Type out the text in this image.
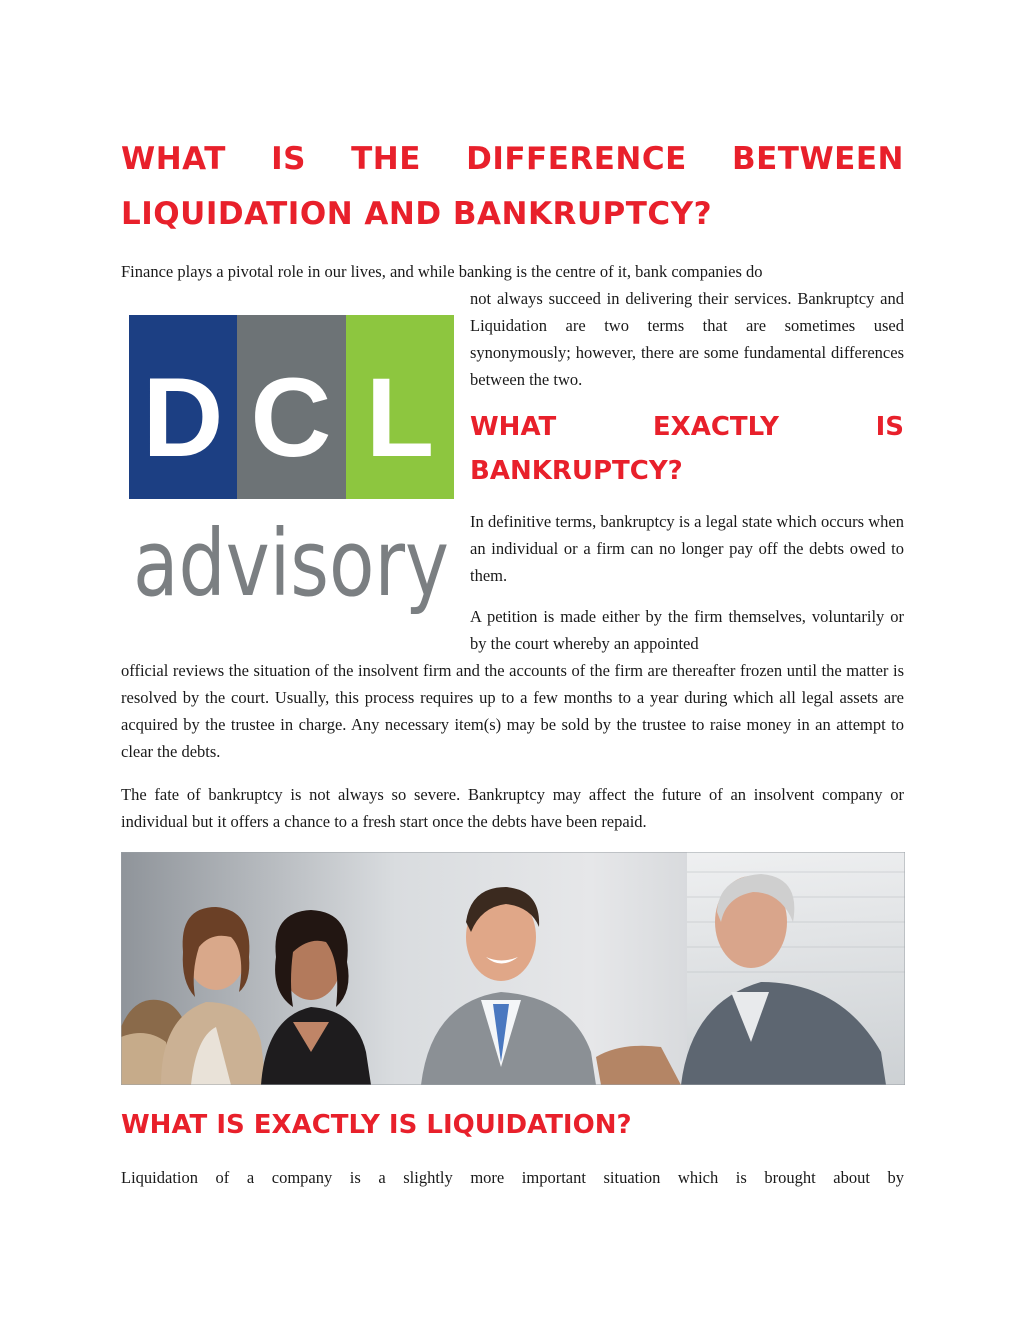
WHAT IS THE DIFFERENCE BETWEEN
LIQUIDATION AND BANKRUPTCY?

Finance plays a pivotal role in our lives, and while banking is the centre of it, bank companies do

D C L
advisory

not always succeed in delivering their services. Bankruptcy and Liquidation are two terms that are sometimes used synonymously; however, there are some fundamental differences between the two.

WHAT	EXACTLY	IS
BANKRUPTCY?

In definitive terms, bankruptcy is a legal state which occurs when an individual or a firm can no longer pay off the debts owed to them.

A petition is made either by the firm themselves, voluntarily or by the court whereby an appointed

official reviews the situation of the insolvent firm and the accounts of the firm are thereafter frozen until the matter is resolved by the court. Usually, this process requires up to a few months to a year during which all legal assets are acquired by the trustee in charge. Any necessary item(s) may be sold by the trustee to raise money in an attempt to clear the debts.

The fate of bankruptcy is not always so severe. Bankruptcy may affect the future of an insolvent company or individual but it offers a chance to a fresh start once the debts have been repaid.

WHAT IS EXACTLY IS LIQUIDATION?

Liquidation of a company is a slightly more important situation which is brought about by
